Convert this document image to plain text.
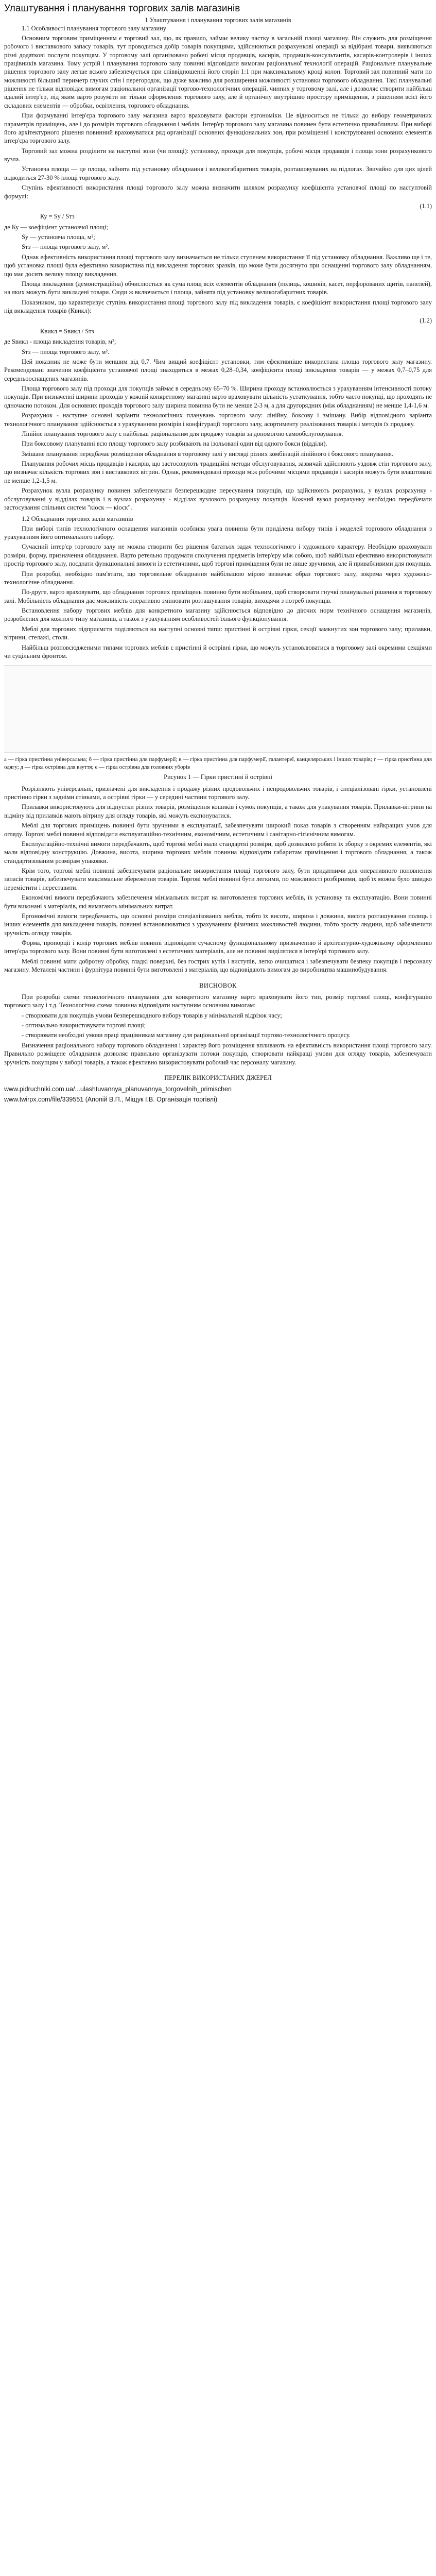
Улаштування і планування торгових залів магазинів

1 Улаштування і планування торгових залів магазинів

1.1 Особливості планування торгового залу магазину

Основним торговим приміщенням є торговий зал, що, як правило, займає велику частку в загальній площі магазину. Він служить для розміщення робочого і виставкового запасу товарів, тут проводиться добір товарів покупцями, здійснюються розрахункові операції за відібрані товари, виявляються різні додаткові послуги покупцям. У торговому залі організовано робочі місця продавців, касирів, продавців-консультантів, касирів-контролерів і інших працівників магазина. Тому устрій і планування торгового залу повинні відповідати вимогам раціональної технології операцій. Раціональне планувальне рішення торгового залу легше всього забезпечується при співвідношенні його сторін 1:1 при максимальному кроці колон. Торговий зал повинний мати по можливості більший периметр глухих стін і перегородок, що дуже важливо для розширення можливості установки торгового обладнання. Такі планувальні рішення не тільки відповідає вимогам раціональної організації торгово-технологічних операцій, чинних у торговому залі, але і дозволяє створити найбільш вдалий інтер'єр, під яким варто розуміти не тільки оформлення торгового залу, але й органічну внутрішню простору приміщення, з рішенням всієї його складових елементів — обробки, освітлення, торгового обладнання.

При формуванні інтер'єра торгового залу магазина варто враховувати фактори ергономіки. Це відноситься не тільки до вибору геометричних параметрів приміщень, але і до розмірів торгового обладнання і меблів. Інтер'єр торгового залу магазина повинен бути естетично привабливим. При виборі його архітектурного рішення повинний враховуватися ряд організації основних функціональних зон, при розміщенні і конструюванні основних елементів інтер'єра торгового залу.

Торговий зал можна розділити на наступні зони (чи площі): установку, проходи для покупців, робочі місця продавців і площа зони розрахункового вузла.

Установча площа — це площа, зайнята під установку обладнання і великогабаритних товарів, розташовуваних на підлогах. Звичайно для цих цілей відводиться 27-30 % площі торгового залу.

Ступінь ефективності використання площі торгового залу можна визначити шляхом розрахунку коефіцієнта установчої площі по наступтовій формулі:

(1.1)

Ку = Sу / Sтз

де Ку — коефіцієнт установчої площі;

Sу — установча площа, м²;

Sтз — площа торгового залу, м².

Однак ефективність використання площі торгового залу визначається не тільки ступенем використання її під установку обладнання. Важливо ще і те, щоб установка площі була ефективно використана під викладення торгових зразків, що може бути досягнуто при оснащенні торгового залу обладнанням, що має досить велику площу викладення.

Площа викладення (демонстраційна) обчислюється як сума площ всіх елементів обладнання (полиць, кошиків, касет, перфорованих щитів, панелей), на яких можуть бути викладені товари. Сюди ж включається і площа, зайнята під установку великогабаритних товарів.

Показником, що характеризує ступінь використання площі торгового залу під викладення товарів, є коефіцієнт використання площі торгового залу під викладення товарів (Квикл):

(1.2)

Квикл = Sвикл / Sтз

де Sвикл - площа викладення товарів, м²;

Sтз — площа торгового залу, м².

Цей показник не може бути меншим від 0,7. Чим вищий коефіцієнт установки, тим ефективніше використана площа торгового залу магазину. Рекомендовані значення коефіцієнта установчої площі знаходяться в межах 0,28–0,34, коефіцієнта площі викладення товарів — у межах 0,7–0,75 для середньооснащених магазинів.

Площа торгового залу під проходи для покупців займає в середньому 65–70 %. Ширина проходу встановлюється з урахуванням інтенсивності потоку покупців. При визначенні ширини проходів у кожній конкретному магазині варто враховувати цільність устаткування, тобто часто покупці, що проходять не одночасно потоком. Для основних проходів торгового залу ширина повинна бути не менше 2-3 м, а для другорядних (між обладнанням) не менше 1,4-1,6 м.

Розрахунок - наступне основні варіанти технологічних планувань торгового залу: лінійну, боксову і змішану. Вибір відповідного варіанта технологічного планування здійснюється з урахуванням розмірів і конфігурації торгового залу, асортименту реалізованих товарів і методів їх продажу.

Лінійне планування торгового залу є найбільш раціональним для продажу товарів за допомогою самообслуговування.

При боксовому плануванні всю площу торгового залу розбивають на ізольовані один від одного бокси (відділи).

Змішане планування передбачає розміщення обладнання в торговому залі у вигляді різних комбінацій лінійного і боксового планування.

Планування робочих місць продавців і касирів, що застосовують традиційні методи обслуговування, зазвичай здійснюють уздовж стін торгового залу, що визначає кількість торгових зон і виставкових вітрин. Однак, рекомендовані проходи між робочими місцями продавців і касирів можуть бути влаштовані не менше 1,2-1,5 м.

Розрахунок вузла розрахунку повинен забезпечувати безперешкодне пересування покупців, що здійснюють розрахунок, у вузлах розрахунку - обслуговуванні у відділах товарів і в вузлах розрахунку - відділах вузлового розрахунку покупців. Кожний вузол розрахунку необхідно передбачати застосування спільних систем "кіоск — кіоск".

1.2 Обладнання торгових залів магазинів

При виборі типів технологічного оснащення магазинів особлива увага повинна бути приділена вибору типів і моделей торгового обладнання з урахуванням його оптимального набору.

Сучасний інтер'єр торгового залу не можна створити без рішення багатьох задач технологічного і художнього характеру. Необхідно враховувати розміри, форму, призначення обладнання. Варто ретельно продумати сполучення предметів інтер'єру між собою, щоб найбільш ефективно використовувати простір торгового залу, поєднати функціональні вимоги із естетичними, щоб торгові приміщення були не лише зручними, але й привабливими для покупців.

При розробці, необхідно пам'ятати, що торговельне обладнання найбільшою мірою визначає образ торгового залу, зокрема через художньо-технологічне обладнання.

По-друге, варто враховувати, що обладнання торгових приміщень повинно бути мобільним, щоб створювати гнучкі планувальні рішення в торговому залі. Мобільність обладнання дає можливість оперативно змінювати розташування товарів, виходячи з потреб покупців.

Встановлення набору торгових меблів для конкретного магазину здійснюється відповідно до діючих норм технічного оснащення магазинів, розроблених для кожного типу магазинів, а також з урахуванням особливостей їхнього функціонування.

Меблі для торгових підприємств поділяються на наступні основні типи: пристінні й острівні гірки, секції замкнутих зон торгового залу; прилавки, вітрини, стелажі, столи.

Найбільш розповсюдженими типами торгових меблів є пристінні й острівні гірки, що можуть установлюватися в торговому залі окремими секціями чи суцільним фронтом.

а — гірка пристінна універсальна; б — гірка пристінна для парфумерії; в — гірка пристінна для парфумерії, галантереї, канцелярських і інших товарів; г — гірка пристінна для одягу; д — гірка острівна для взуття; є — гірка острівна для головних уборів

Рисунок 1 — Гірки пристінні й острівні

Розрізняють універсальні, призначені для викладення і продажу різних продовольчих і непродовольчих товарів, і спеціалізовані гірки, установлені пристінно гірки з задніми стінками, а острівні гірки — у середині частини торгового залу.

Прилавки використовують для відпустки різних товарів, розміщення кошиків і сумок покупців, а також для упакування товарів. Прилавки-вітрини на відміну від прилавків мають вітрину для огляду товарів, які можуть експонуватися.

Меблі для торгових приміщень повинні бути зручними в експлуатації, забезпечувати широкий показ товарів з створенням найкращих умов для огляду. Торгові меблі повинні відповідати експлуатаційно-технічним, економічним, естетичним і санітарно-гігієнічним вимогам.

Експлуатаційно-технічні вимоги передбачають, щоб торгові меблі мали стандартні розміри, щоб дозволило робити їх зборку з окремих елементів, які мали відповідну конструкцію. Довжина, висота, ширина торгових меблів повинна відповідати габаритам приміщення і торгового обладнання, а також стандартизованим розмірам упаковки.

Крім того, торгові меблі повинні забезпечувати раціональне використання площі торгового залу, бути придатними для оперативного поповнення запасів товарів, забезпечувати максимальне збереження товарів. Торгові меблі повинні бути легкими, по можливості розбірними, щоб їх можна було швидко перемістити і переставити.

Економічні вимоги передбачають забезпечення мінімальних витрат на виготовлення торгових меблів, їх установку та експлуатацію. Вони повинні бути виконані з матеріалів, які вимагають мінімальних витрат.

Ергономічні вимоги передбачають, що основні розміри спеціалізованих меблів, тобто їх висота, ширина і довжина, висота розташування полиць і інших елементів для викладення товарів, повинні встановлюватися з урахуванням фізичних можливостей людини, тобто зросту людини, щоб забезпечити зручність огляду товарів.

Форма, пропорції і колір торгових меблів повинні відповідати сучасному функціональному призначенню й архітектурно-художньому оформленню інтер'єра торгового залу. Вони повинні бути виготовлені з естетичних матеріалів, але не повинні виділятися в інтер'єрі торгового залу.

Меблі повинні мати добротну обробку, гладкі поверхні, без гострих кутів і виступів, легко очищатися і забезпечувати безпеку покупців і персоналу магазину. Металеві частини і фурнітура повинні бути виготовлені з матеріалів, що відповідають вимогам до виробництва машинобудування.

ВИСНОВОК

При розробці схеми технологічного планування для конкретного магазину варто враховувати його тип, розмір торгової площі, конфігурацію торгового залу і т.д. Технологічна схема повинна відповідати наступним основним вимогам:

- створювати для покупців умови безперешкодного вибору товарів у мінімальний відрізок часу;

- оптимально використовувати торгові площі;

- створювати необхідні умови праці працівникам магазину для раціональної організації торгово-технологічного процесу.

Визначення раціонального набору торгового обладнання і характер його розміщення впливають на ефективність використання площі торгового залу. Правильно розміщене обладнання дозволяє правильно організувати потоки покупців, створювати найкращі умови для огляду товарів, забезпечувати зручність покупцям у виборі товарів, а також ефективно використовувати робочий час персоналу магазину.

ПЕРЕЛІК ВИКОРИСТАНИХ ДЖЕРЕЛ

www.pidruchniki.com.ua/...ulashtuvannya_planuvannya_torgovelnih_primischen

www.twirpx.com/file/339551 (Апопій В.П., Міщук І.В. Організація торгівлі)
